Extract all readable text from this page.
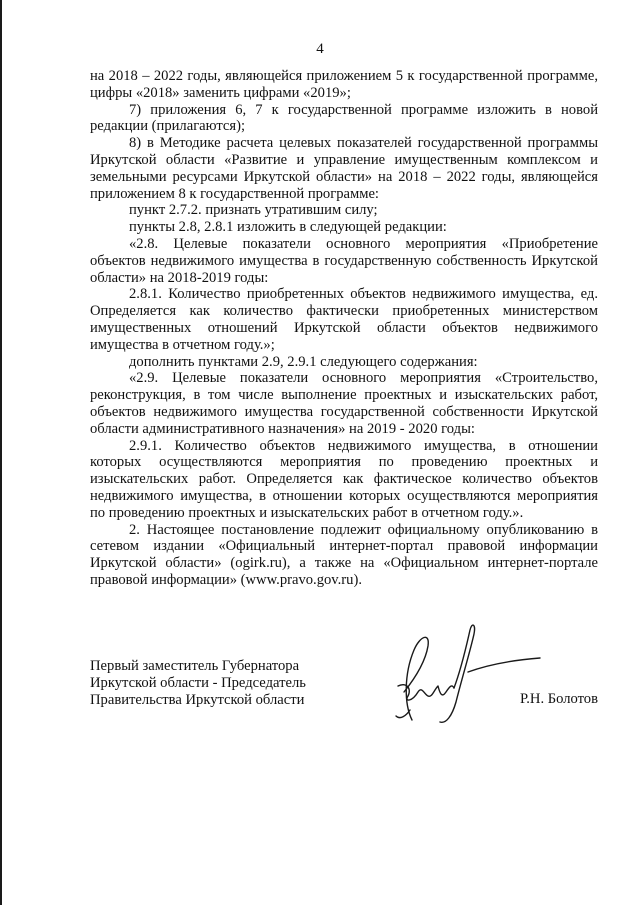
4

на 2018 – 2022 годы, являющейся приложением 5 к государственной программе, цифры «2018» заменить цифрами «2019»;

7) приложения 6, 7 к государственной программе изложить в новой редакции (прилагаются);

8) в Методике расчета целевых показателей государственной программы Иркутской области «Развитие и управление имущественным комплексом и земельными ресурсами Иркутской области» на 2018 – 2022 годы, являющейся приложением 8 к государственной программе:

пункт 2.7.2. признать утратившим силу;

пункты 2.8, 2.8.1 изложить в следующей редакции:

«2.8. Целевые показатели основного мероприятия «Приобретение объектов недвижимого имущества в государственную собственность Иркутской области» на 2018-2019 годы:

2.8.1. Количество приобретенных объектов недвижимого имущества, ед. Определяется как количество фактически приобретенных министерством имущественных отношений Иркутской области объектов недвижимого имущества в отчетном году.»;

дополнить пунктами 2.9, 2.9.1 следующего содержания:

«2.9. Целевые показатели основного мероприятия «Строительство, реконструкция, в том числе выполнение проектных и изыскательских работ, объектов недвижимого имущества государственной собственности Иркутской области административного назначения» на 2019 - 2020 годы:

2.9.1. Количество объектов недвижимого имущества, в отношении которых осуществляются мероприятия по проведению проектных и изыскательских работ. Определяется как фактическое количество объектов недвижимого имущества, в отношении которых осуществляются мероприятия по проведению проектных и изыскательских работ в отчетном году.».

2. Настоящее постановление подлежит официальному опубликованию в сетевом издании «Официальный интернет-портал правовой информации Иркутской области» (ogirk.ru), а также на «Официальном интернет-портале правовой информации» (www.pravo.gov.ru).

Первый заместитель Губернатора
Иркутской области - Председатель
Правительства Иркутской области	Р.Н. Болотов
